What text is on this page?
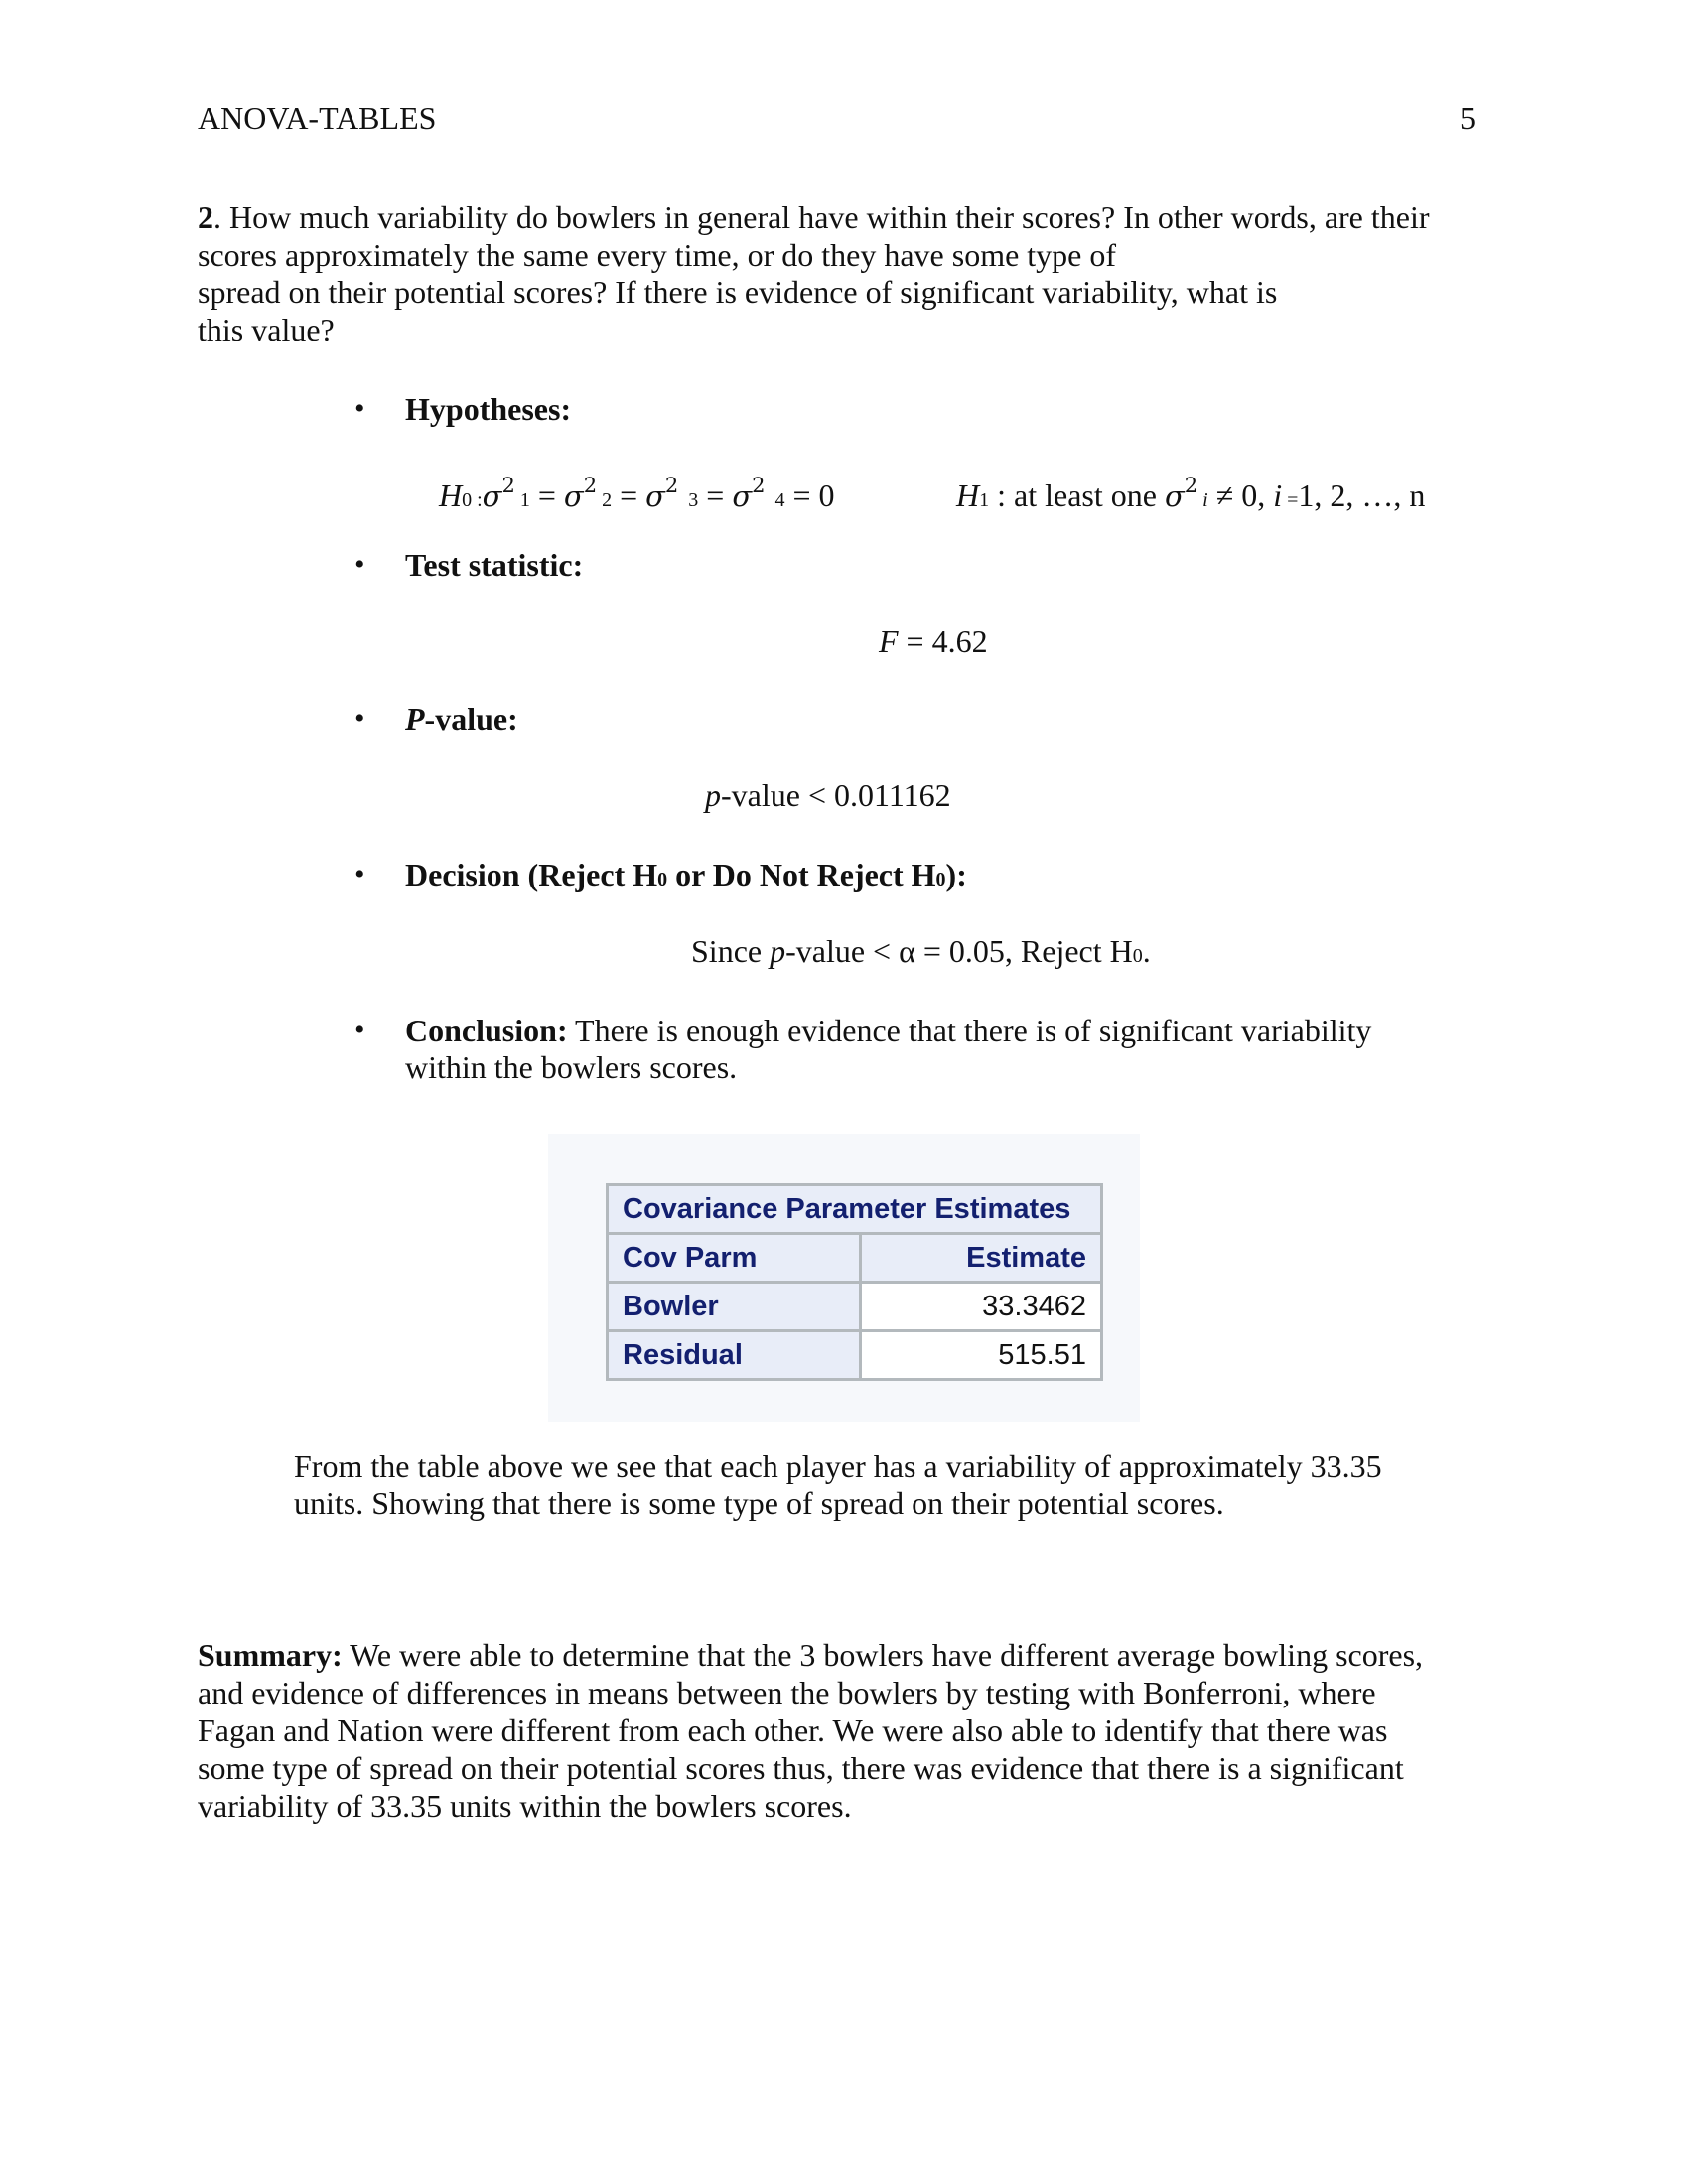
ANOVA-TABLES	5
2. How much variability do bowlers in general have within their scores? In other words, are their
scores approximately the same every time, or do they have some type of
spread on their potential scores? If there is evidence of significant variability, what is
this value?
• Hypotheses:
H0 $:\sigma^2$ $1 = \sigma^2$ $2 = \sigma^2$  $3 = \sigma^2$  4 = 0	H1 : at least one $\sigma^2$ i ≠ 0, i =1, 2, …, n
• Test statistic:
F = 4.62
• P-value:
p-value < 0.011162
• Decision (Reject H0 or Do Not Reject H0):
Since p-value < α = 0.05, Reject H0.
• Conclusion: There is enough evidence that there is of significant variability
within the bowlers scores.
Covariance Parameter Estimates	
Cov Parm	Estimate
Bowler	33.3462
Residual	515.51
From the table above we see that each player has a variability of approximately 33.35
units. Showing that there is some type of spread on their potential scores.
Summary: We were able to determine that the 3 bowlers have different average bowling scores,
and evidence of differences in means between the bowlers by testing with Bonferroni, where
Fagan and Nation were different from each other. We were also able to identify that there was
some type of spread on their potential scores thus, there was evidence that there is a significant
variability of 33.35 units within the bowlers scores.
